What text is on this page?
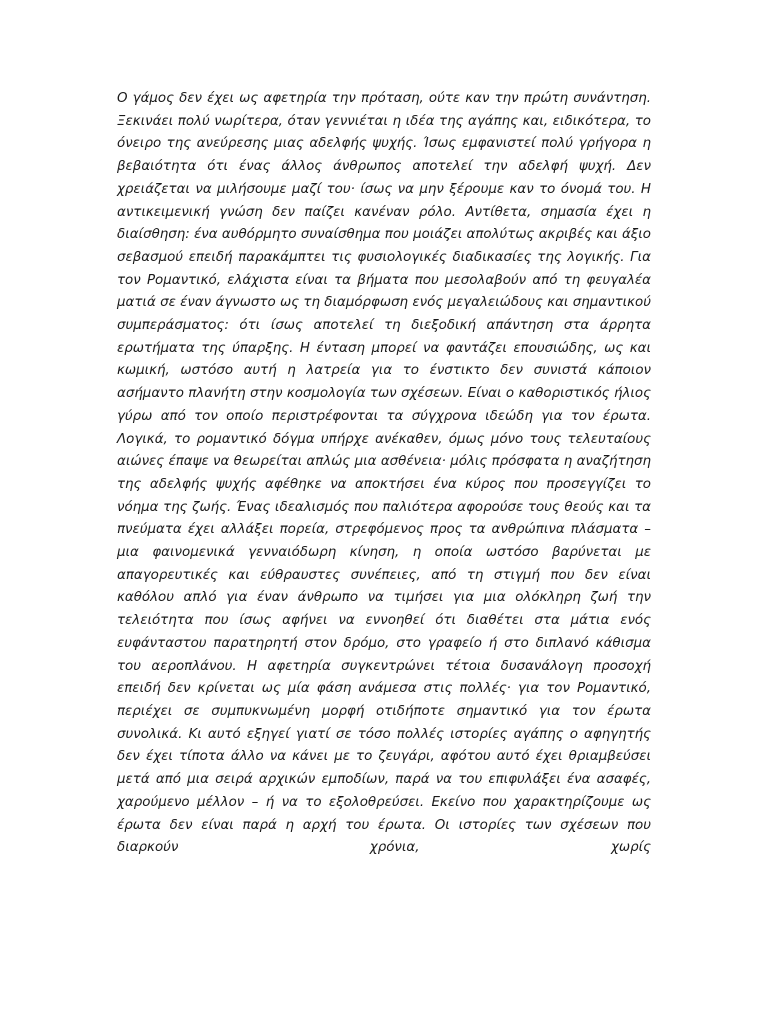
Ο γάμος δεν έχει ως αφετηρία την πρόταση, ούτε καν την πρώτη συνάντηση. Ξεκινάει πολύ νωρίτερα, όταν γεννιέται η ιδέα της αγάπης και, ειδικότερα, το όνειρο της ανεύρεσης μιας αδελφής ψυχής. Ίσως εμφανιστεί πολύ γρήγορα η βεβαιότητα ότι ένας άλλος άνθρωπος αποτελεί την αδελφή ψυχή. Δεν χρειάζεται να μιλήσουμε μαζί του· ίσως να μην ξέρουμε καν το όνομά του. Η αντικειμενική γνώση δεν παίζει κανέναν ρόλο. Αντίθετα, σημασία έχει η διαίσθηση: ένα αυθόρμητο συναίσθημα που μοιάζει απολύτως ακριβές και άξιο σεβασμού επειδή παρακάμπτει τις φυσιολογικές διαδικασίες της λογικής. Για τον Ρομαντικό, ελάχιστα είναι τα βήματα που μεσολαβούν από τη φευγαλέα ματιά σε έναν άγνωστο ως τη διαμόρφωση ενός μεγαλειώδους και σημαντικού συμπεράσματος: ότι ίσως αποτελεί τη διεξοδική απάντηση στα άρρητα ερωτήματα της ύπαρξης. Η ένταση μπορεί να φαντάζει επουσιώδης, ως και κωμική, ωστόσο αυτή η λατρεία για το ένστικτο δεν συνιστά κάποιον ασήμαντο πλανήτη στην κοσμολογία των σχέσεων. Είναι ο καθοριστικός ήλιος γύρω από τον οποίο περιστρέφονται τα σύγχρονα ιδεώδη για τον έρωτα. Λογικά, το ρομαντικό δόγμα υπήρχε ανέκαθεν, όμως μόνο τους τελευταίους αιώνες έπαψε να θεωρείται απλώς μια ασθένεια· μόλις πρόσφατα η αναζήτηση της αδελφής ψυχής αφέθηκε να αποκτήσει ένα κύρος που προσεγγίζει το νόημα της ζωής. Ένας ιδεαλισμός που παλιότερα αφορούσε τους θεούς και τα πνεύματα έχει αλλάξει πορεία, στρεφόμενος προς τα ανθρώπινα πλάσματα – μια φαινομενικά γενναιόδωρη κίνηση, η οποία ωστόσο βαρύνεται με απαγορευτικές και εύθραυστες συνέπειες, από τη στιγμή που δεν είναι καθόλου απλό για έναν άνθρωπο να τιμήσει για μια ολόκληρη ζωή την τελειότητα που ίσως αφήνει να εννοηθεί ότι διαθέτει στα μάτια ενός ευφάνταστου παρατηρητή στον δρόμο, στο γραφείο ή στο διπλανό κάθισμα του αεροπλάνου. Η αφετηρία συγκεντρώνει τέτοια δυσανάλογη προσοχή επειδή δεν κρίνεται ως μία φάση ανάμεσα στις πολλές· για τον Ρομαντικό, περιέχει σε συμπυκνωμένη μορφή οτιδήποτε σημαντικό για τον έρωτα συνολικά. Κι αυτό εξηγεί γιατί σε τόσο πολλές ιστορίες αγάπης ο αφηγητής δεν έχει τίποτα άλλο να κάνει με το ζευγάρι, αφότου αυτό έχει θριαμβεύσει μετά από μια σειρά αρχικών εμποδίων, παρά να του επιφυλάξει ένα ασαφές, χαρούμενο μέλλον – ή να το εξολοθρεύσει. Εκείνο που χαρακτηρίζουμε ως έρωτα δεν είναι παρά η αρχή του έρωτα. Οι ιστορίες των σχέσεων που διαρκούν χρόνια, χωρίς
